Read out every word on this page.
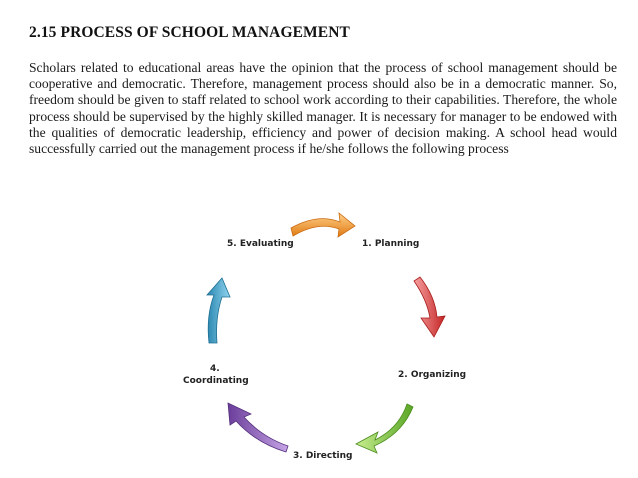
2.15 PROCESS OF SCHOOL MANAGEMENT

Scholars related to educational areas have the opinion that the process of school management should be cooperative and democratic. Therefore, management process should also be in a democratic manner. So, freedom should be given to staff related to school work according to their capabilities. Therefore, the whole process should be supervised by the highly skilled manager. It is necessary for manager to be endowed with the qualities of democratic leadership, efficiency and power of decision making. A school head would successfully carried out the management process if he/she follows the following process

5. Evaluating	1. Planning
2. Organizing
3. Directing
4.
Coordinating
